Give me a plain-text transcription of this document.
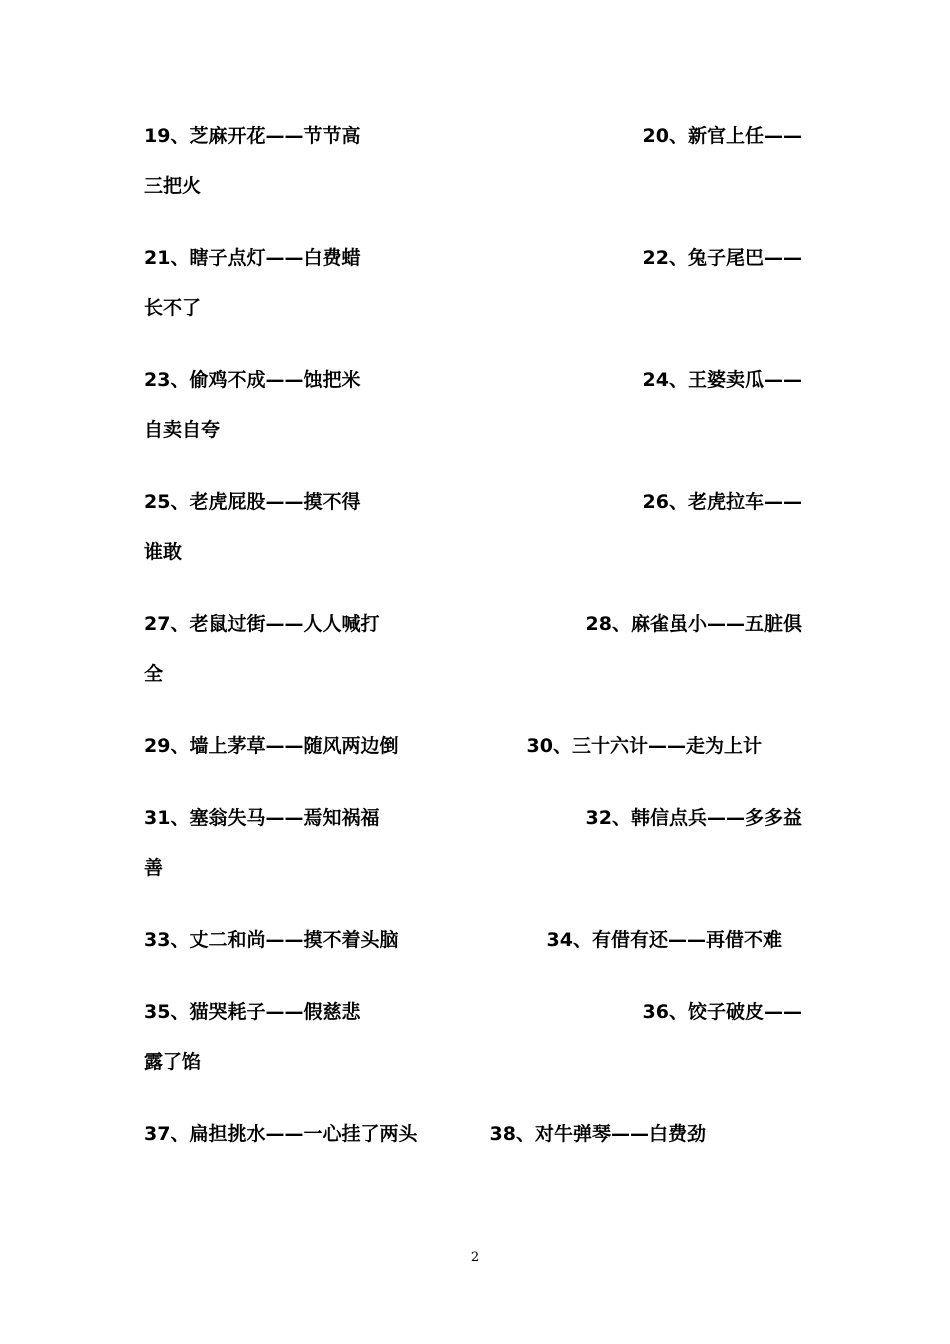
19、芝麻开花——节节高	20、新官上任——
三把火
21、瞎子点灯——白费蜡	22、兔子尾巴——
长不了
23、偷鸡不成——蚀把米	24、王婆卖瓜——
自卖自夸
25、老虎屁股——摸不得	26、老虎拉车——
谁敢
27、老鼠过街——人人喊打	28、麻雀虽小——五脏俱
全
29、墙上茅草——随风两边倒	30、三十六计——走为上计
31、塞翁失马——焉知祸福	32、韩信点兵——多多益
善
33、丈二和尚——摸不着头脑	34、有借有还——再借不难
35、猫哭耗子——假慈悲	36、饺子破皮——
露了馅
37、扁担挑水——一心挂了两头	38、对牛弹琴——白费劲
2
